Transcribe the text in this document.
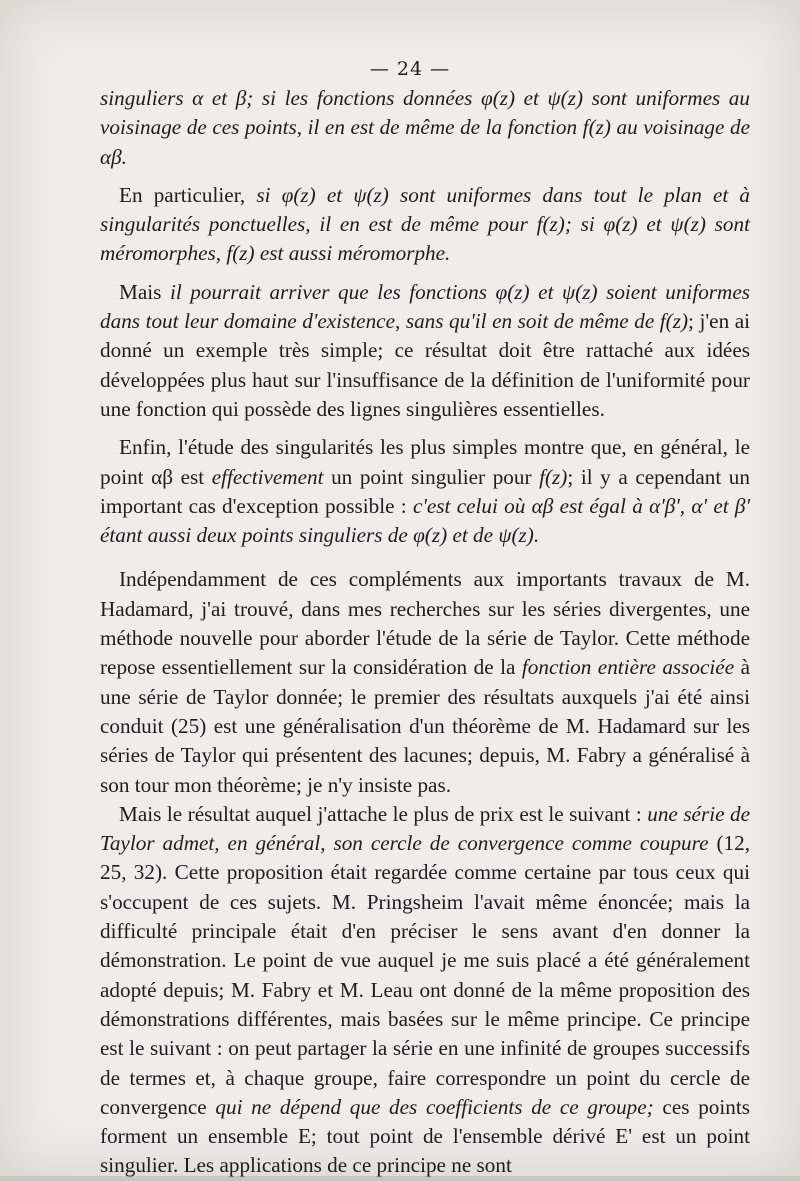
— 24 —

singuliers α et β; si les fonctions données φ(z) et ψ(z) sont uniformes au voisinage de ces points, il en est de même de la fonction f(z) au voisinage de αβ.

En particulier, si φ(z) et ψ(z) sont uniformes dans tout le plan et à singularités ponctuelles, il en est de même pour f(z); si φ(z) et ψ(z) sont méromorphes, f(z) est aussi méromorphe.

Mais il pourrait arriver que les fonctions φ(z) et ψ(z) soient uniformes dans tout leur domaine d'existence, sans qu'il en soit de même de f(z); j'en ai donné un exemple très simple; ce résultat doit être rattaché aux idées développées plus haut sur l'insuffisance de la définition de l'uniformité pour une fonction qui possède des lignes singulières essentielles.

Enfin, l'étude des singularités les plus simples montre que, en général, le point αβ est effectivement un point singulier pour f(z); il y a cependant un important cas d'exception possible : c'est celui où αβ est égal à α'β', α' et β' étant aussi deux points singuliers de φ(z) et de ψ(z).

Indépendamment de ces compléments aux importants travaux de M. Hadamard, j'ai trouvé, dans mes recherches sur les séries divergentes, une méthode nouvelle pour aborder l'étude de la série de Taylor. Cette méthode repose essentiellement sur la considération de la fonction entière associée à une série de Taylor donnée; le premier des résultats auxquels j'ai été ainsi conduit (25) est une généralisation d'un théorème de M. Hadamard sur les séries de Taylor qui présentent des lacunes; depuis, M. Fabry a généralisé à son tour mon théorème; je n'y insiste pas.

Mais le résultat auquel j'attache le plus de prix est le suivant : une série de Taylor admet, en général, son cercle de convergence comme coupure (12, 25, 32). Cette proposition était regardée comme certaine par tous ceux qui s'occupent de ces sujets. M. Pringsheim l'avait même énoncée; mais la difficulté principale était d'en préciser le sens avant d'en donner la démonstration. Le point de vue auquel je me suis placé a été généralement adopté depuis; M. Fabry et M. Leau ont donné de la même proposition des démonstrations différentes, mais basées sur le même principe. Ce principe est le suivant : on peut partager la série en une infinité de groupes successifs de termes et, à chaque groupe, faire correspondre un point du cercle de convergence qui ne dépend que des coefficients de ce groupe; ces points forment un ensemble E; tout point de l'ensemble dérivé E' est un point singulier. Les applications de ce principe ne sont
